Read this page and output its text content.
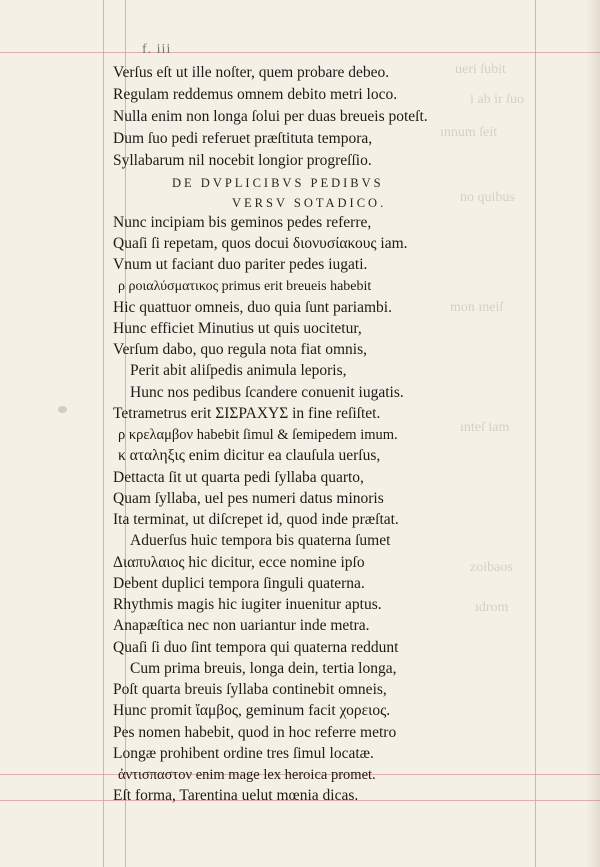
ueri ſubit
i ab ir ſuo
ınnum ſeit
no quibus
mon ıneiſ
ınteſ iam
zoibaos
ıdrom
f. iii
Verſus eſt ut ille noſter, quem probare debeo.
Regulam reddemus omnem debito metri loco.
Nulla enim non longa ſolui per duas breueis poteſt.
Dum ſuo pedi referuet præſtituta tempora,
Syllabarum nil nocebit longior progreſſio.
DE DVPLICIBVS PEDIBVS
VERSV SOTADICO.
Nunc incipiam bis geminos pedes referre,
Quaſi ſi repetam, quos docui διονυσίακους iam.
Vnum ut faciant duo pariter pedes iugati.
ρ ροιαλύσματικος primus erit breueis habebit
Hic quattuor omneis, duo quia ſunt pariambi.
Hunc efficiet Minutius ut quis uocitetur,
Verſum dabo, quo regula nota fiat omnis,
Perit abit aliſpedis animula leporis,
Hunc nos pedibus ſcandere conuenit iugatis.
Tetrametrus erit ΣΙΣΡΑΧΥΣ in fine reſiſtet.
ρ κρελαμβον habebit ſimul & ſemipedem imum.
κ αταληξις enim dicitur ea clauſula uerſus,
Dettacta ſit ut quarta pedi ſyllaba quarto,
Quam ſyllaba, uel pes numeri datus minoris
Ita terminat, ut diſcrepet id, quod inde præſtat.
Aduerſus huic tempora bis quaterna ſumet
Διαπυλαιος hic dicitur, ecce nomine ipſo
Debent duplici tempora ſinguli quaterna.
Rhythmis magis hic iugiter inuenitur aptus.
Anapæſtica nec non uariantur inde metra.
Quaſi ſi duo ſint tempora qui quaterna reddunt
Cum prima breuis, longa dein, tertia longa,
Poſt quarta breuis ſyllaba continebit omneis,
Hunc promit ἴαμβος, geminum facit χορειος.
Pes nomen habebit, quod in hoc referre metro
Longæ prohibent ordine tres ſimul locatæ.
ἀντισπαστον enim mage lex heroica promet.
Eſt forma, Tarentina uelut mœnia dicas.
